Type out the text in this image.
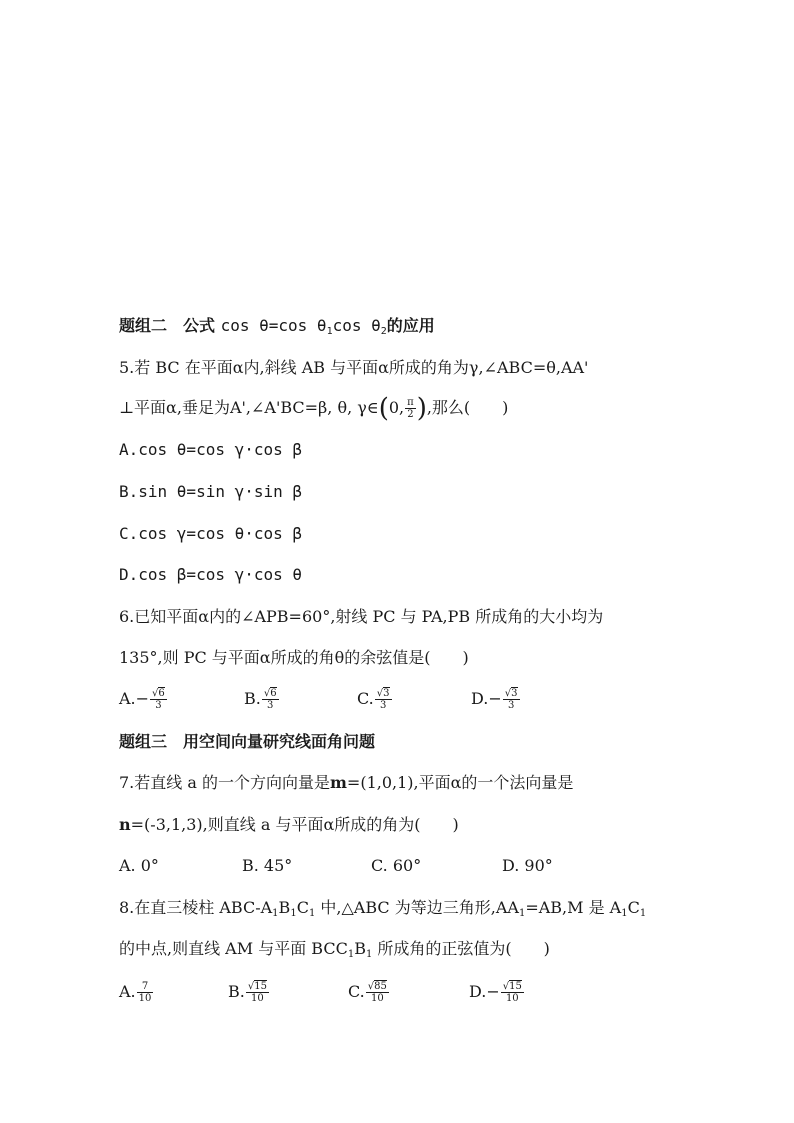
题组二　公式 cos θ=cos $\theta_1\cos$ $\theta_2$的应用
5.若 BC 在平面α内,斜线 AB 与平面α所成的角为γ,∠ABC=θ,AA'
⊥平面α,垂足为A',∠A'BC=β, θ, γ∈(0, $\frac{\pi}{2}$ ),那么(　　)
A.cos θ=cos γ·cos β
B.sin θ=sin γ·sin β
C.cos γ=cos θ·cos β
D.cos β=cos γ·cos θ
6.已知平面α内的∠APB=60°,射线 PC 与 PA,PB 所成角的大小均为
135°,则 PC 与平面α所成的角θ的余弦值是(　　)
$A.- \frac{√6}{3}$	B. $\frac{√6}{3}$	C. $\frac{√3}{3}$	$D.- \frac{√3}{3}$
题组三　用空间向量研究线面角问题
7.若直线 a 的一个方向向量是m=(1,0,1),平面α的一个法向量是
n=(-3,1,3),则直线 a 与平面α所成的角为(　　)
A. 0°	B. 45°	C. 60°	D. 90°
8.在直三棱柱 ABC-$A_1B_1C_1$ 中,△ABC 为等边三角形$,AA_1=AB,M$ 是 $A_1C_1$
的中点,则直线 AM 与平面 $BCC_1B_1$ 所成角的正弦值为(　　)
A. $\frac{7}{10}$	B. $\frac{√15}{10}$	C. $\frac{√85}{10}$	$D.- \frac{√15}{10}$
